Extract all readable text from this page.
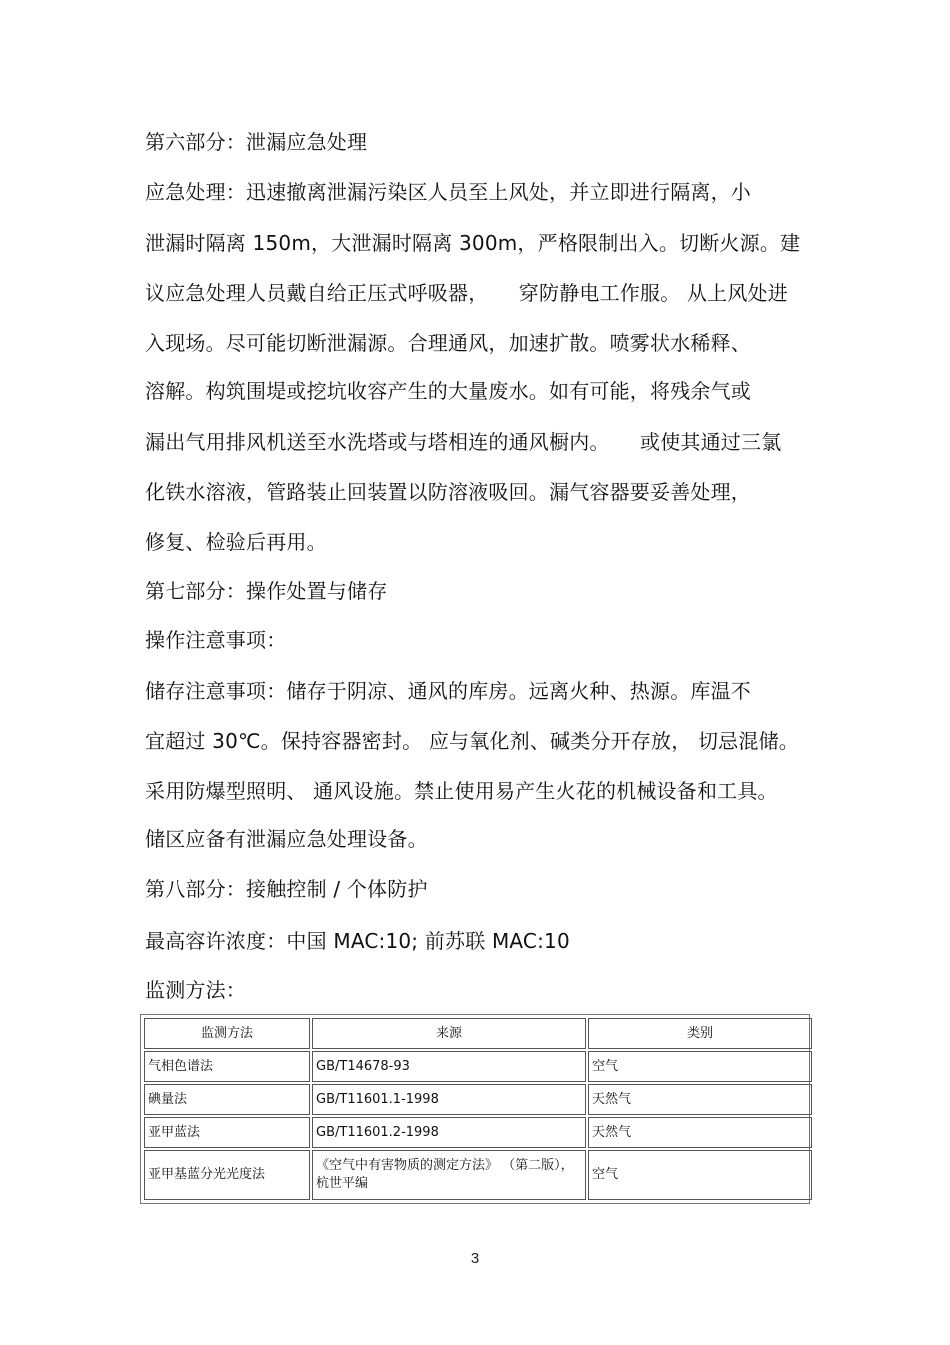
第六部分：泄漏应急处理
应急处理：迅速撤离泄漏污染区人员至上风处，并立即进行隔离，小
泄漏时隔离 150m，大泄漏时隔离 300m，严格限制出入。切断火源。建
议应急处理人员戴自给正压式呼吸器，　　穿防静电工作服。 从上风处进
入现场。尽可能切断泄漏源。合理通风，加速扩散。喷雾状水稀释、
溶解。构筑围堤或挖坑收容产生的大量废水。如有可能，将残余气或
漏出气用排风机送至水洗塔或与塔相连的通风橱内。　　或使其通过三氯
化铁水溶液，管路装止回装置以防溶液吸回。漏气容器要妥善处理，
修复、检验后再用。
第七部分：操作处置与储存
操作注意事项：
储存注意事项：储存于阴凉、通风的库房。远离火种、热源。库温不
宜超过 30℃。保持容器密封。 应与氧化剂、碱类分开存放， 切忌混储。
采用防爆型照明、 通风设施。禁止使用易产生火花的机械设备和工具。
储区应备有泄漏应急处理设备。
第八部分：接触控制 / 个体防护
最高容许浓度：中国 MAC:10; 前苏联 MAC:10
监测方法：
监测方法	来源	类别
气相色谱法	GB/T14678-93	空气
碘量法	GB/T11601.1-1998	天然气
亚甲蓝法	GB/T11601.2-1998	天然气
亚甲基蓝分光光度法	《空气中有害物质的测定方法》 （第二版），杭世平编	空气
3
